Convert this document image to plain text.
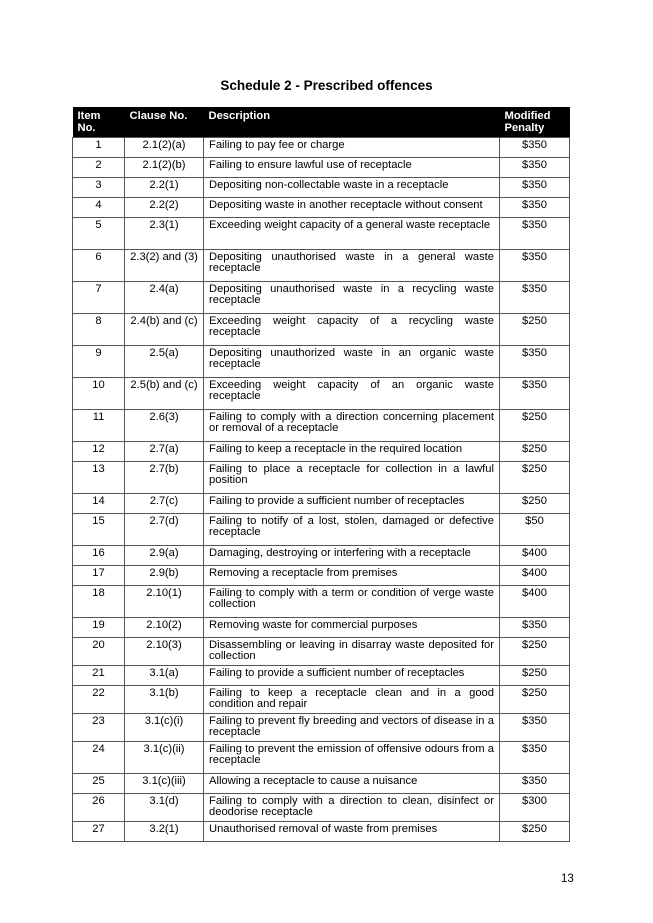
Schedule 2 - Prescribed offences
Item No.	Clause No.	Description	Modified Penalty
1	2.1(2)(a)	Failing to pay fee or charge	$350
2	2.1(2)(b)	Failing to ensure lawful use of receptacle	$350
3	2.2(1)	Depositing non-collectable waste in a receptacle	$350
4	2.2(2)	Depositing waste in another receptacle without consent	$350
5	2.3(1)	Exceeding weight capacity of a general waste receptacle	$350
6	2.3(2) and (3)	Depositing unauthorised waste in a general waste receptacle	$350
7	2.4(a)	Depositing unauthorised waste in a recycling waste receptacle	$350
8	2.4(b) and (c)	Exceeding weight capacity of a recycling waste receptacle	$250
9	2.5(a)	Depositing unauthorized waste in an organic waste receptacle	$350
10	2.5(b) and (c)	Exceeding weight capacity of an organic waste receptacle	$350
11	2.6(3)	Failing to comply with a direction concerning placement or removal of a receptacle	$250
12	2.7(a)	Failing to keep a receptacle in the required location	$250
13	2.7(b)	Failing to place a receptacle for collection in a lawful position	$250
14	2.7(c)	Failing to provide a sufficient number of receptacles	$250
15	2.7(d)	Failing to notify of a lost, stolen, damaged or defective receptacle	$50
16	2.9(a)	Damaging, destroying or interfering with a receptacle	$400
17	2.9(b)	Removing a receptacle from premises	$400
18	2.10(1)	Failing to comply with a term or condition of verge waste collection	$400
19	2.10(2)	Removing waste for commercial purposes	$350
20	2.10(3)	Disassembling or leaving in disarray waste deposited for collection	$250
21	3.1(a)	Failing to provide a sufficient number of receptacles	$250
22	3.1(b)	Failing to keep a receptacle clean and in a good condition and repair	$250
23	3.1(c)(i)	Failing to prevent fly breeding and vectors of disease in a receptacle	$350
24	3.1(c)(ii)	Failing to prevent the emission of offensive odours from a receptacle	$350
25	3.1(c)(iii)	Allowing a receptacle to cause a nuisance	$350
26	3.1(d)	Failing to comply with a direction to clean, disinfect or deodorise receptacle	$300
27	3.2(1)	Unauthorised removal of waste from premises	$250
13
